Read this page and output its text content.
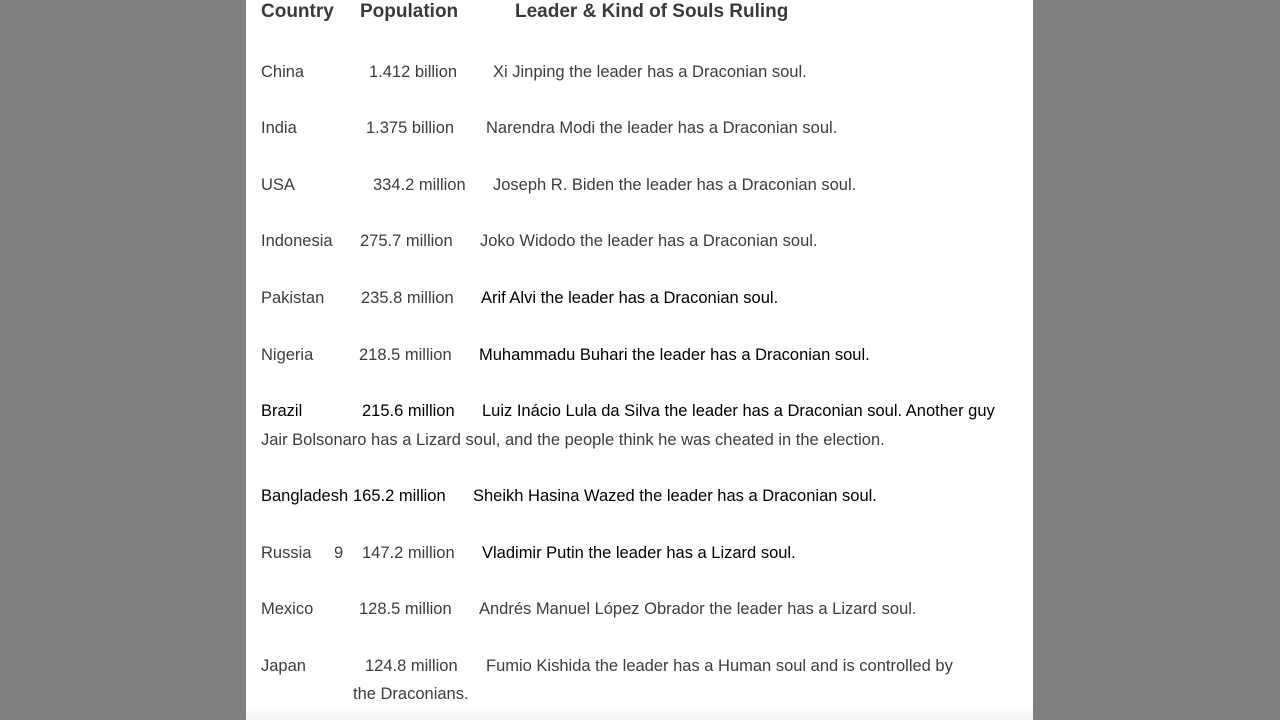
Country Population	Leader & Kind of Souls Ruling
China	1.412 billion Xi Jinping the leader has a Draconian soul.
India	1.375 billion Narendra Modi the leader has a Draconian soul.
USA	334.2 million Joseph R. Biden the leader has a Draconian soul.
Indonesia 275.7 million Joko Widodo the leader has a Draconian soul.
Pakistan 235.8 million Arif Alvi the leader has a Draconian soul.
Nigeria	218.5 million Muhammadu Buhari the leader has a Draconian soul.
Brazil	215.6 million Luiz Inácio Lula da Silva the leader has a Draconian soul. Another guy
Jair Bolsonaro has a Lizard soul, and the people think he was cheated in the election.
Bangladesh 165.2 million Sheikh Hasina Wazed the leader has a Draconian soul.
Russia 9 147.2 million Vladimir Putin the leader has a Lizard soul.
Mexico	128.5 million Andrés Manuel López Obrador the leader has a Lizard soul.
Japan	124.8 million Fumio Kishida the leader has a Human soul and is controlled by
the Draconians.
